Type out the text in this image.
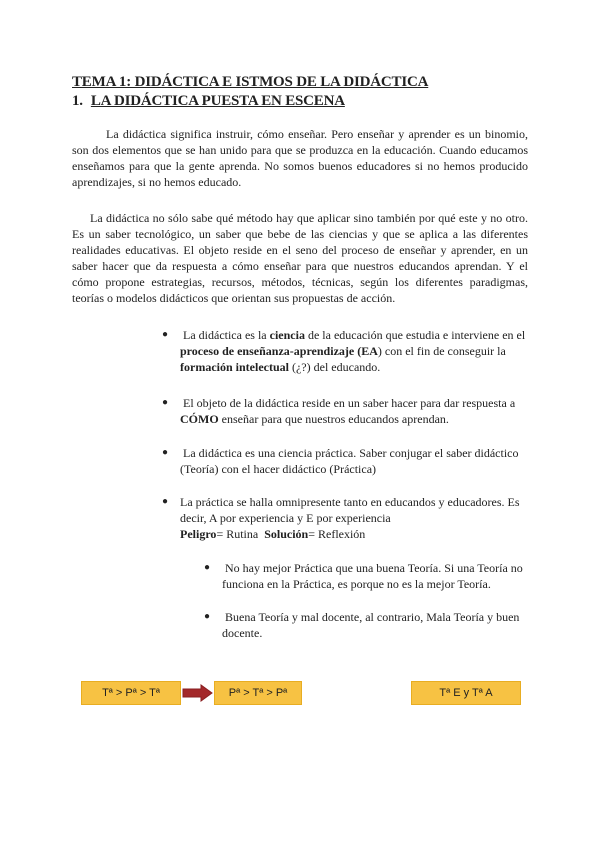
TEMA 1: DIDÁCTICA E ISTMOS DE LA DIDÁCTICA
1. LA DIDÁCTICA PUESTA EN ESCENA

La didáctica significa instruir, cómo enseñar. Pero enseñar y aprender es un binomio, son dos elementos que se han unido para que se produzca en la educación. Cuando educamos enseñamos para que la gente aprenda. No somos buenos educadores si no hemos producido aprendizajes, si no hemos educado.

La didáctica no sólo sabe qué método hay que aplicar sino también por qué este y no otro. Es un saber tecnológico, un saber que bebe de las ciencias y que se aplica a las diferentes realidades educativas. El objeto reside en el seno del proceso de enseñar y aprender, en un saber hacer que da respuesta a cómo enseñar para que nuestros educandos aprendan. Y el cómo propone estrategias, recursos, métodos, técnicas, según los diferentes paradigmas, teorías o modelos didácticos que orientan sus propuestas de acción.

● La didáctica es la ciencia de la educación que estudia e interviene en el proceso de enseñanza-aprendizaje (EA) con el fin de conseguir la formación intelectual (¿?) del educando.

● El objeto de la didáctica reside en un saber hacer para dar respuesta a CÓMO enseñar para que nuestros educandos aprendan.

● La didáctica es una ciencia práctica. Saber conjugar el saber didáctico (Teoría) con el hacer didáctico (Práctica)

● La práctica se halla omnipresente tanto en educandos y educadores. Es decir, A por experiencia y E por experiencia
Peligro= Rutina Solución= Reflexión

● No hay mejor Práctica que una buena Teoría. Si una Teoría no funciona en la Práctica, es porque no es la mejor Teoría.

● Buena Teoría y mal docente, al contrario, Mala Teoría y buen docente.

Tª > Pª > Tª	Pª > Tª > Pª	Tª E y Tª A
